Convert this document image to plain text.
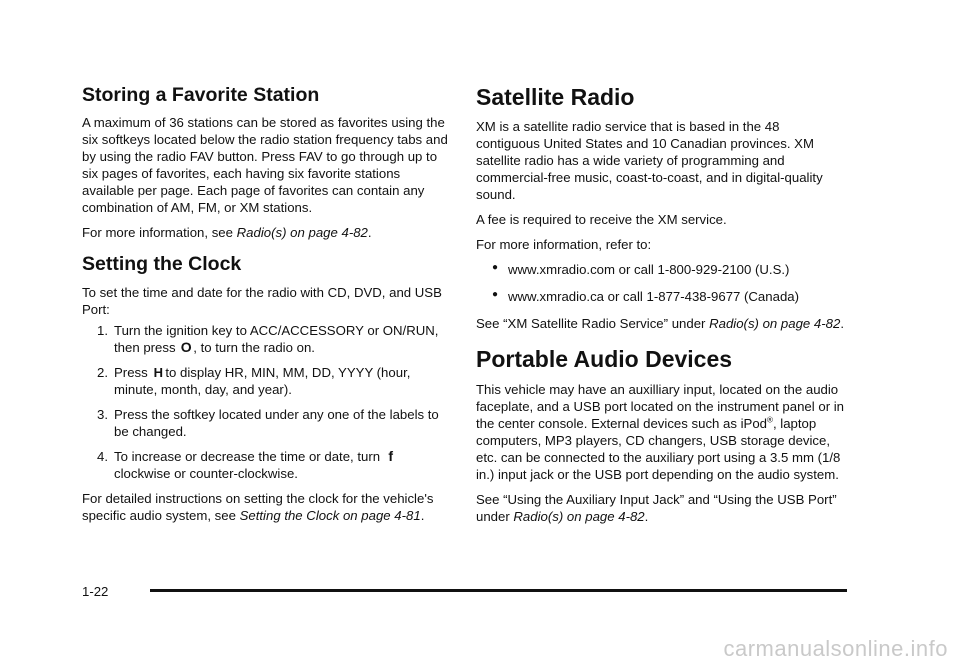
Storing a Favorite Station

A maximum of 36 stations can be stored as favorites using the six softkeys located below the radio station frequency tabs and by using the radio FAV button. Press FAV to go through up to six pages of favorites, each having six favorite stations available per page. Each page of favorites can contain any combination of AM, FM, or XM stations.

For more information, see Radio(s) on page 4-82.

Setting the Clock

To set the time and date for the radio with CD, DVD, and USB Port:

1. Turn the ignition key to ACC/ACCESSORY or ON/RUN, then press O , to turn the radio on.
2. Press H to display HR, MIN, MM, DD, YYYY (hour, minute, month, day, and year).
3. Press the softkey located under any one of the labels to be changed.
4. To increase or decrease the time or date, turn fclockwise or counter-clockwise.

For detailed instructions on setting the clock for the vehicle's specific audio system, see Setting the Clock on page 4-81.

Satellite Radio

XM is a satellite radio service that is based in the 48 contiguous United States and 10 Canadian provinces. XM satellite radio has a wide variety of programming and commercial-free music, coast-to-coast, and in digital-quality sound.

A fee is required to receive the XM service.

For more information, refer to:

● www.xmradio.com or call 1-800-929-2100 (U.S.)
● www.xmradio.ca or call 1-877-438-9677 (Canada)

See “XM Satellite Radio Service” under Radio(s) on page 4-82.

Portable Audio Devices

This vehicle may have an auxilliary input, located on the audio faceplate, and a USB port located on the instrument panel or in the center console. External devices such as iPod®, laptop computers, MP3 players, CD changers, USB storage device, etc. can be connected to the auxiliary port using a 3.5 mm (1/8 in.) input jack or the USB port depending on the audio system.

See “Using the Auxiliary Input Jack” and “Using the USB Port” under Radio(s) on page 4-82.

1-22
carmanualsonline.info
